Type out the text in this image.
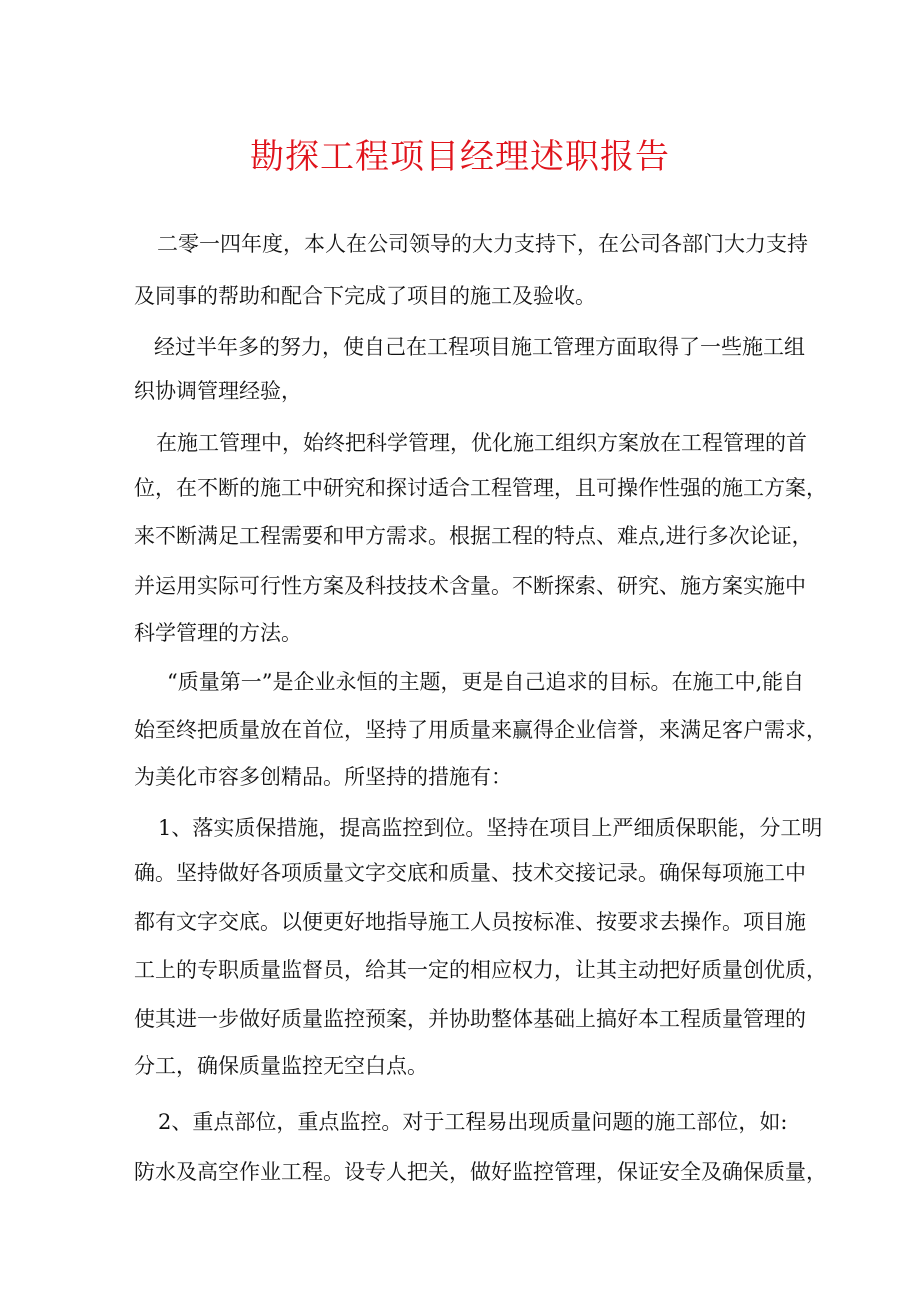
勘探工程项目经理述职报告

二零一四年度，本人在公司领导的大力支持下，在公司各部门大力支持

及同事的帮助和配合下完成了项目的施工及验收。

经过半年多的努力，使自己在工程项目施工管理方面取得了一些施工组

织协调管理经验，

在施工管理中，始终把科学管理，优化施工组织方案放在工程管理的首

位，在不断的施工中研究和探讨适合工程管理，且可操作性强的施工方案，

来不断满足工程需要和甲方需求。根据工程的特点、难点,进行多次论证，

并运用实际可行性方案及科技技术含量。不断探索、研究、施方案实施中

科学管理的方法。

“质量第一”是企业永恒的主题，更是自己追求的目标。在施工中,能自

始至终把质量放在首位，坚持了用质量来赢得企业信誉，来满足客户需求，

为美化市容多创精品。所坚持的措施有：

1、落实质保措施，提高监控到位。坚持在项目上严细质保职能，分工明

确。坚持做好各项质量文字交底和质量、技术交接记录。确保每项施工中

都有文字交底。以便更好地指导施工人员按标准、按要求去操作。项目施

工上的专职质量监督员，给其一定的相应权力，让其主动把好质量创优质，

使其进一步做好质量监控预案，并协助整体基础上搞好本工程质量管理的

分工，确保质量监控无空白点。

2、重点部位，重点监控。对于工程易出现质量问题的施工部位，如:

防水及高空作业工程。设专人把关，做好监控管理，保证安全及确保质量，
